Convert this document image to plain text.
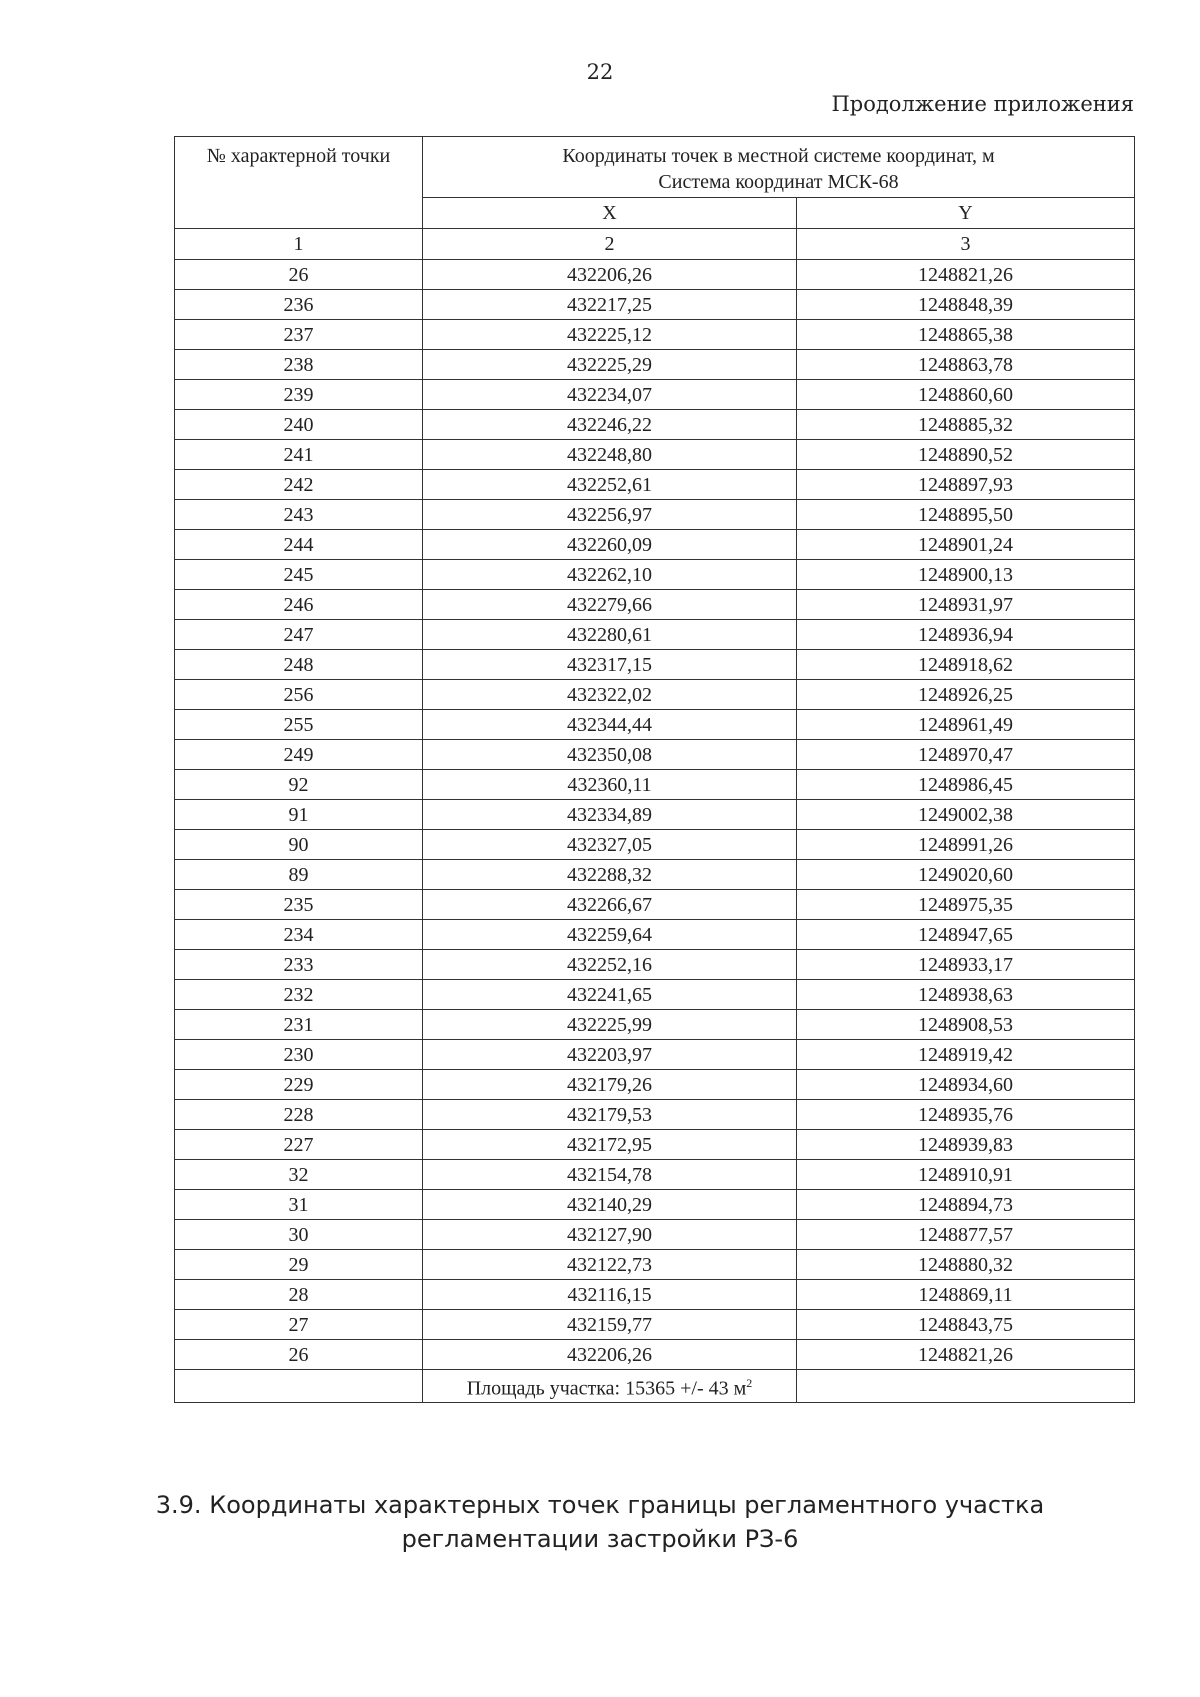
22
Продолжение приложения
№ характерной точки	Координаты точек в местной системе координат, м
Система координат МСК-68	

	X	Y
1	2	3
26	432206,26	1248821,26
236	432217,25	1248848,39
237	432225,12	1248865,38
238	432225,29	1248863,78
239	432234,07	1248860,60
240	432246,22	1248885,32
241	432248,80	1248890,52
242	432252,61	1248897,93
243	432256,97	1248895,50
244	432260,09	1248901,24
245	432262,10	1248900,13
246	432279,66	1248931,97
247	432280,61	1248936,94
248	432317,15	1248918,62
256	432322,02	1248926,25
255	432344,44	1248961,49
249	432350,08	1248970,47
92	432360,11	1248986,45
91	432334,89	1249002,38
90	432327,05	1248991,26
89	432288,32	1249020,60
235	432266,67	1248975,35
234	432259,64	1248947,65
233	432252,16	1248933,17
232	432241,65	1248938,63
231	432225,99	1248908,53
230	432203,97	1248919,42
229	432179,26	1248934,60
228	432179,53	1248935,76
227	432172,95	1248939,83
32	432154,78	1248910,91
31	432140,29	1248894,73
30	432127,90	1248877,57
29	432122,73	1248880,32
28	432116,15	1248869,11
27	432159,77	1248843,75
26	432206,26	1248821,26
	Площадь участка: 15365 +/- 43 $м^2$	
3.9. Координаты характерных точек границы регламентного участка
регламентации застройки РЗ-6
